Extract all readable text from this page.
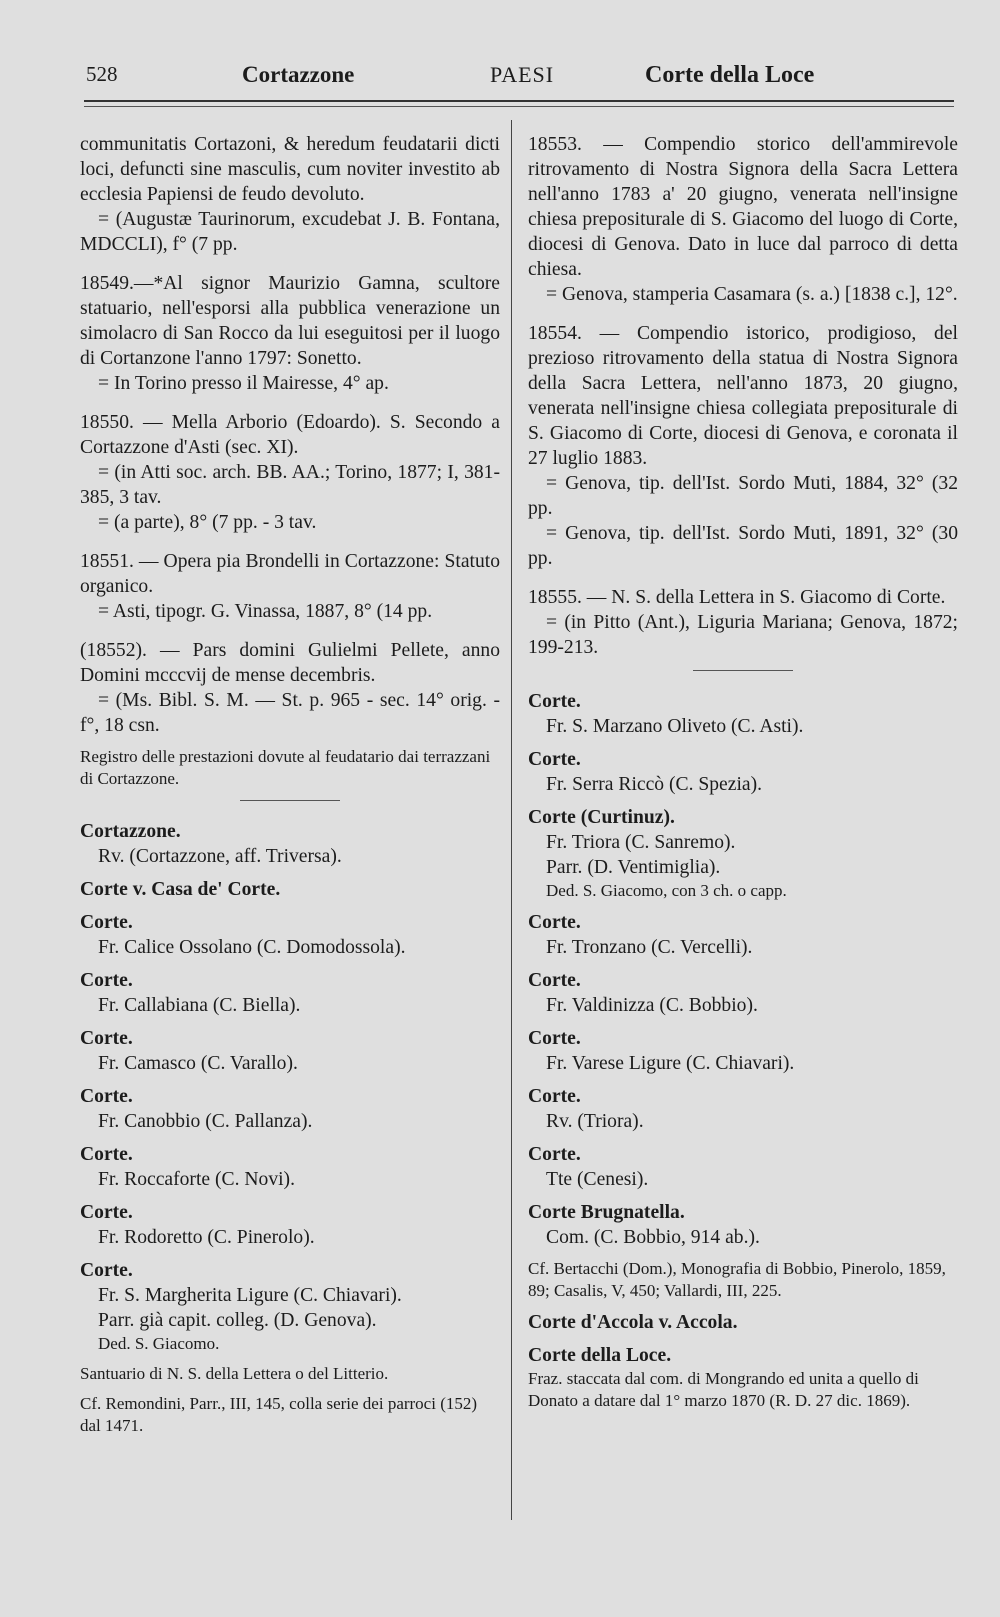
528	Cortazzone	PAESI	Corte della Loce

communitatis Cortazoni, & heredum feudatarii dicti loci, defuncti sine masculis, cum noviter investito ab ecclesia Papiensi de feudo devoluto.

= (Augustæ Taurinorum, excudebat J. B. Fontana, MDCCLI), f° (7 pp.

18549.—*Al signor Maurizio Gamna, scultore statuario, nell'esporsi alla pubblica venerazione un simolacro di San Rocco da lui eseguitosi per il luogo di Cortanzone l'anno 1797: Sonetto.

= In Torino presso il Mairesse, 4° ap.

18550. — Mella Arborio (Edoardo). S. Secondo a Cortazzone d'Asti (sec. XI).

= (in Atti soc. arch. BB. AA.; Torino, 1877; I, 381-385, 3 tav.

= (a parte), 8° (7 pp. - 3 tav.

18551. — Opera pia Brondelli in Cortazzone: Statuto organico.

= Asti, tipogr. G. Vinassa, 1887, 8° (14 pp.

(18552). — Pars domini Gulielmi Pellete, anno Domini mcccvij de mense decembris.

= (Ms. Bibl. S. M. — St. p. 965 - sec. 14° orig. - f°, 18 csn.

Registro delle prestazioni dovute al feudatario dai terrazzani di Cortazzone.

Cortazzone.

Rv. (Cortazzone, aff. Triversa).

Corte v. Casa de' Corte.

Corte.

Fr. Calice Ossolano (C. Domodossola).

Corte.

Fr. Callabiana (C. Biella).

Corte.

Fr. Camasco (C. Varallo).

Corte.

Fr. Canobbio (C. Pallanza).

Corte.

Fr. Roccaforte (C. Novi).

Corte.

Fr. Rodoretto (C. Pinerolo).

Corte.

Fr. S. Margherita Ligure (C. Chiavari).

Parr. già capit. colleg. (D. Genova).

Ded. S. Giacomo.

Santuario di N. S. della Lettera o del Litterio.

Cf. Remondini, Parr., III, 145, colla serie dei parroci (152) dal 1471.

18553. — Compendio storico dell'ammirevole ritrovamento di Nostra Signora della Sacra Lettera nell'anno 1783 a' 20 giugno, venerata nell'insigne chiesa prepositurale di S. Giacomo del luogo di Corte, diocesi di Genova. Dato in luce dal parroco di detta chiesa.

= Genova, stamperia Casamara (s. a.) [1838 c.], 12°.

18554. — Compendio istorico, prodigioso, del prezioso ritrovamento della statua di Nostra Signora della Sacra Lettera, nell'anno 1873, 20 giugno, venerata nell'insigne chiesa collegiata prepositurale di S. Giacomo di Corte, diocesi di Genova, e coronata il 27 luglio 1883.

= Genova, tip. dell'Ist. Sordo Muti, 1884, 32° (32 pp.

= Genova, tip. dell'Ist. Sordo Muti, 1891, 32° (30 pp.

18555. — N. S. della Lettera in S. Giacomo di Corte.

= (in Pitto (Ant.), Liguria Mariana; Genova, 1872; 199-213.

Corte.

Fr. S. Marzano Oliveto (C. Asti).

Corte.

Fr. Serra Riccò (C. Spezia).

Corte (Curtinuz).

Fr. Triora (C. Sanremo).

Parr. (D. Ventimiglia).

Ded. S. Giacomo, con 3 ch. o capp.

Corte.

Fr. Tronzano (C. Vercelli).

Corte.

Fr. Valdinizza (C. Bobbio).

Corte.

Fr. Varese Ligure (C. Chiavari).

Corte.

Rv. (Triora).

Corte.

Tte (Cenesi).

Corte Brugnatella.

Com. (C. Bobbio, 914 ab.).

Cf. Bertacchi (Dom.), Monografia di Bobbio, Pinerolo, 1859, 89; Casalis, V, 450; Vallardi, III, 225.

Corte d'Accola v. Accola.

Corte della Loce.

Fraz. staccata dal com. di Mongrando ed unita a quello di Donato a datare dal 1° marzo 1870 (R. D. 27 dic. 1869).
